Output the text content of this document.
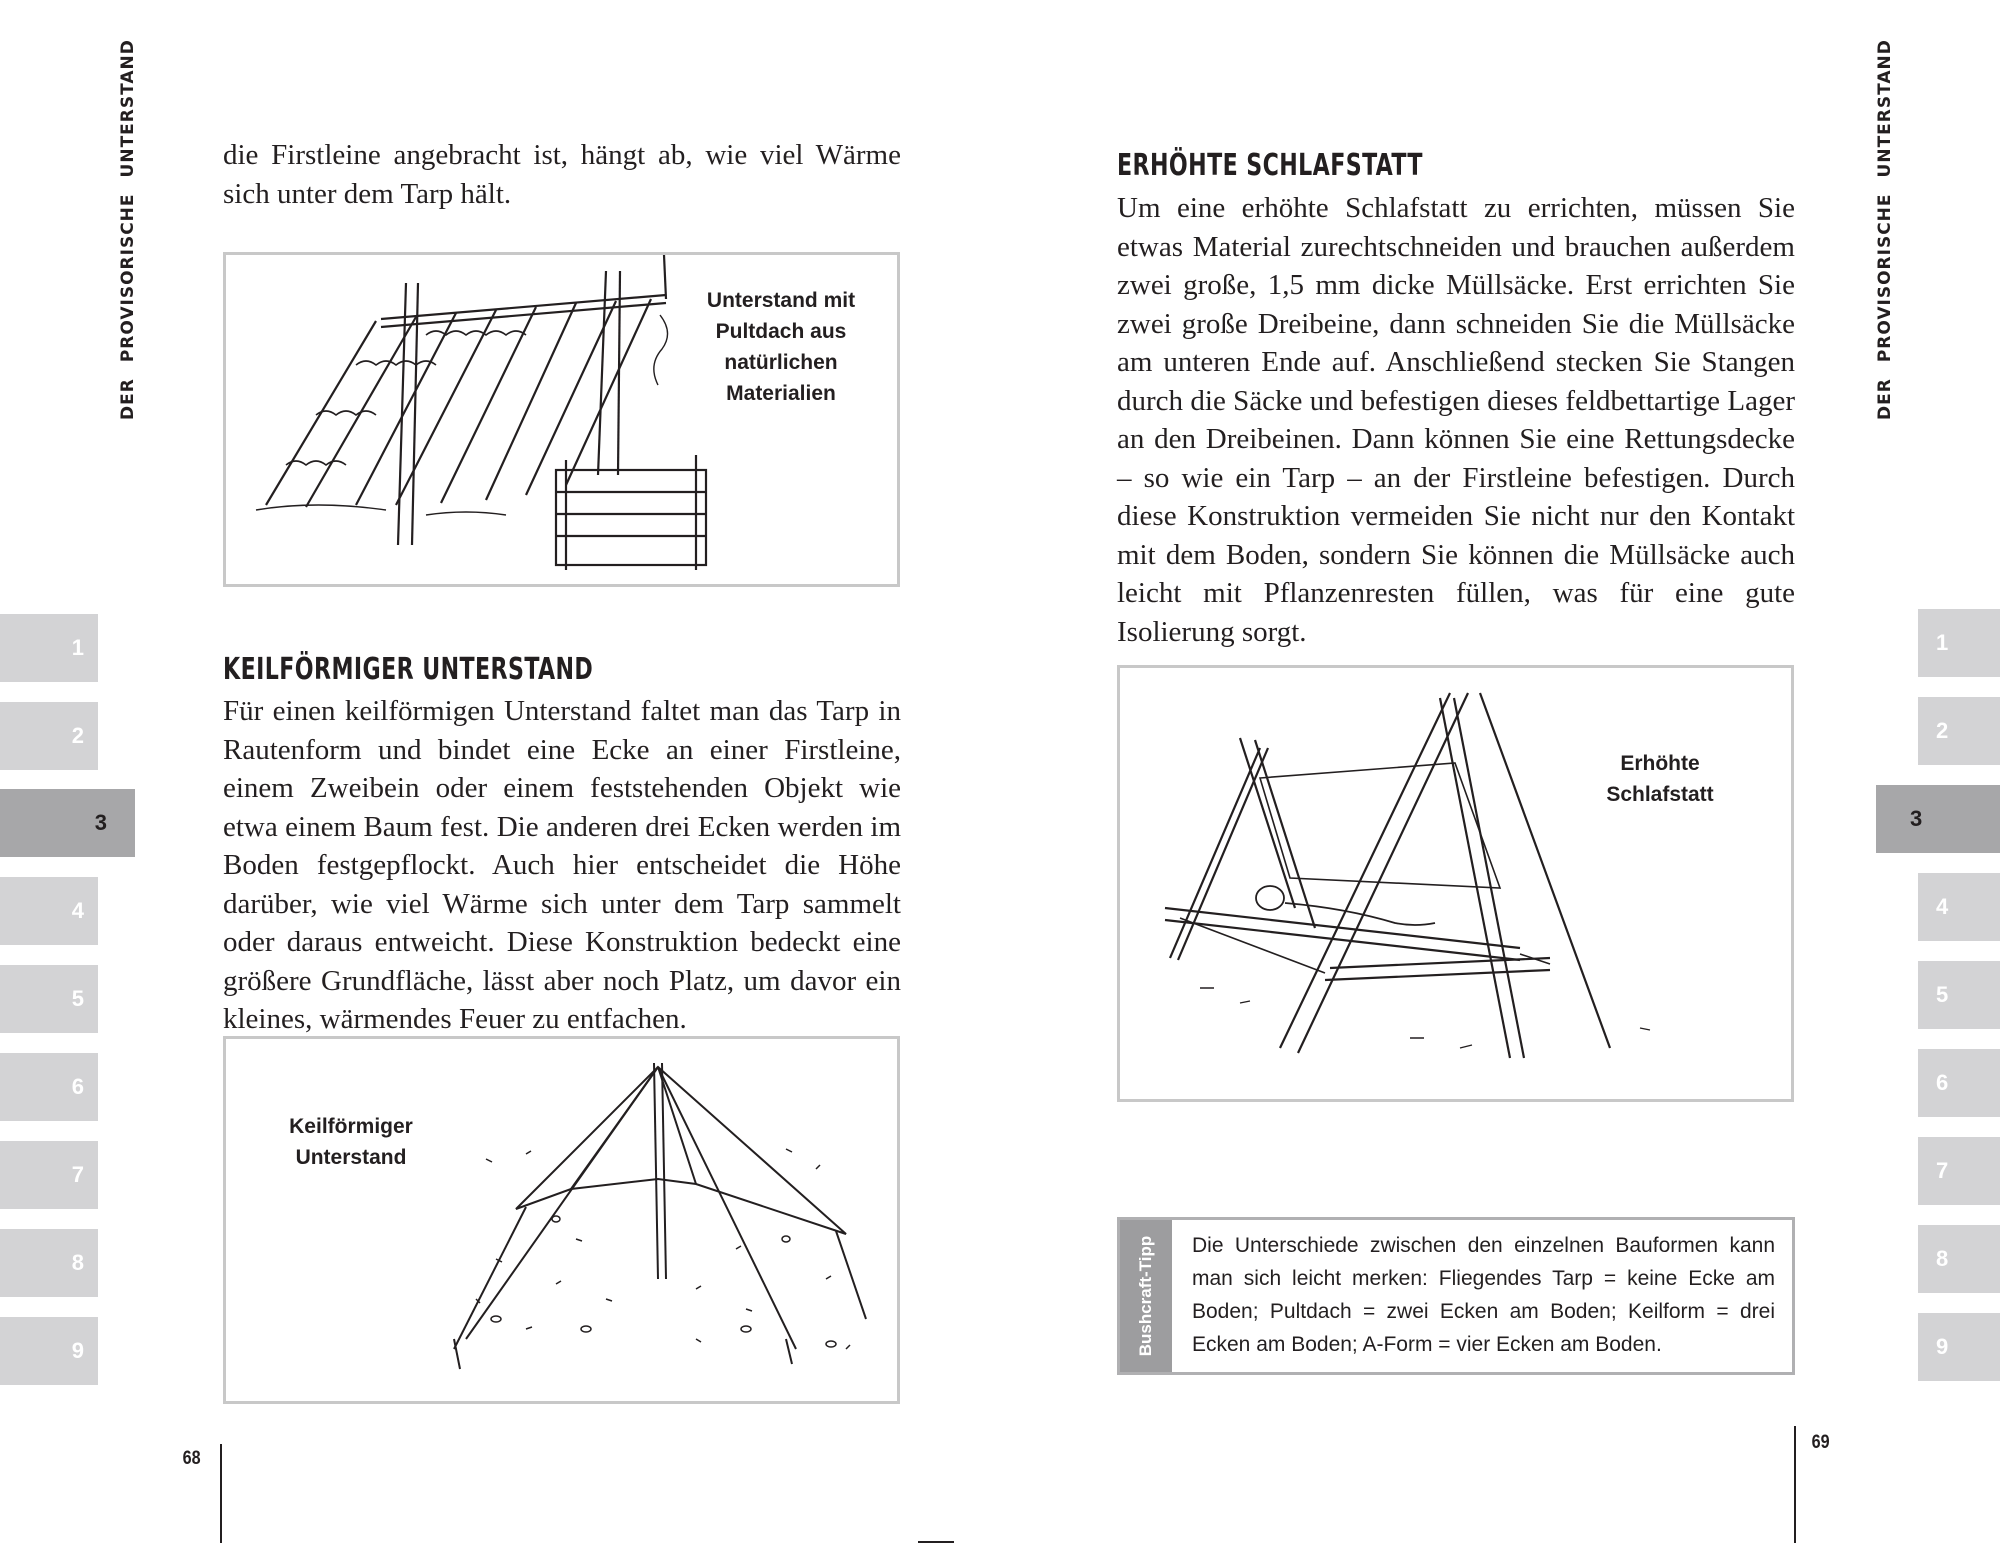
DERPROVISORISCHEUNTERSTAND	die Firstleine angebracht ist, hängt ab, wie viel Wärme sich unter dem Tarp hält.

Unterstand mit Pultdach aus natürlichen Materialien
KEILFÖRMIGER UNTERSTAND

Für einen keilförmigen Unterstand faltet man das Tarp in Rautenform und bindet eine Ecke an einer Firstleine, einem Zweibein oder einem feststehenden Objekt wie etwa einem Baum fest. Die anderen drei Ecken werden im Boden festgepflockt. Auch hier entscheidet die Höhe darüber, wie viel Wärme sich unter dem Tarp sammelt oder daraus entweicht. Diese Konstruktion bedeckt eine größere Grundfläche, lässt aber noch Platz, um davor ein kleines, wärmendes Feuer zu entfachen.

Keilförmiger Unterstand
68
1
2
3
4
5
6
7
8
9
DERPROVISORISCHEUNTERSTAND
ERHÖHTE SCHLAFSTATT

Um eine erhöhte Schlafstatt zu errichten, müssen Sie etwas Material zurechtschneiden und brauchen außerdem zwei große, 1,5 mm dicke Müllsäcke. Erst errichten Sie zwei große Dreibeine, dann schneiden Sie die Müllsäcke am unteren Ende auf. Anschließend stecken Sie Stangen durch die Säcke und befestigen dieses feldbettartige Lager an den Dreibeinen. Dann können Sie eine Rettungsdecke – so wie ein Tarp – an der Firstleine befestigen. Durch diese Konstruktion vermeiden Sie nicht nur den Kontakt mit dem Boden, sondern Sie können die Müllsäcke auch leicht mit Pflanzenresten füllen, was für eine gute Isolierung sorgt.

Erhöhte Schlafstatt
Bushcraft-Tipp Die Unterschiede zwischen den einzelnen Bauformen kann man sich leicht merken: Fliegendes Tarp = keine Ecke am Boden; Pultdach = zwei Ecken am Boden; Keilform = drei Ecken am Boden; A-Form = vier Ecken am Boden.
69
1
2
3
4
5
6
7
8
9
